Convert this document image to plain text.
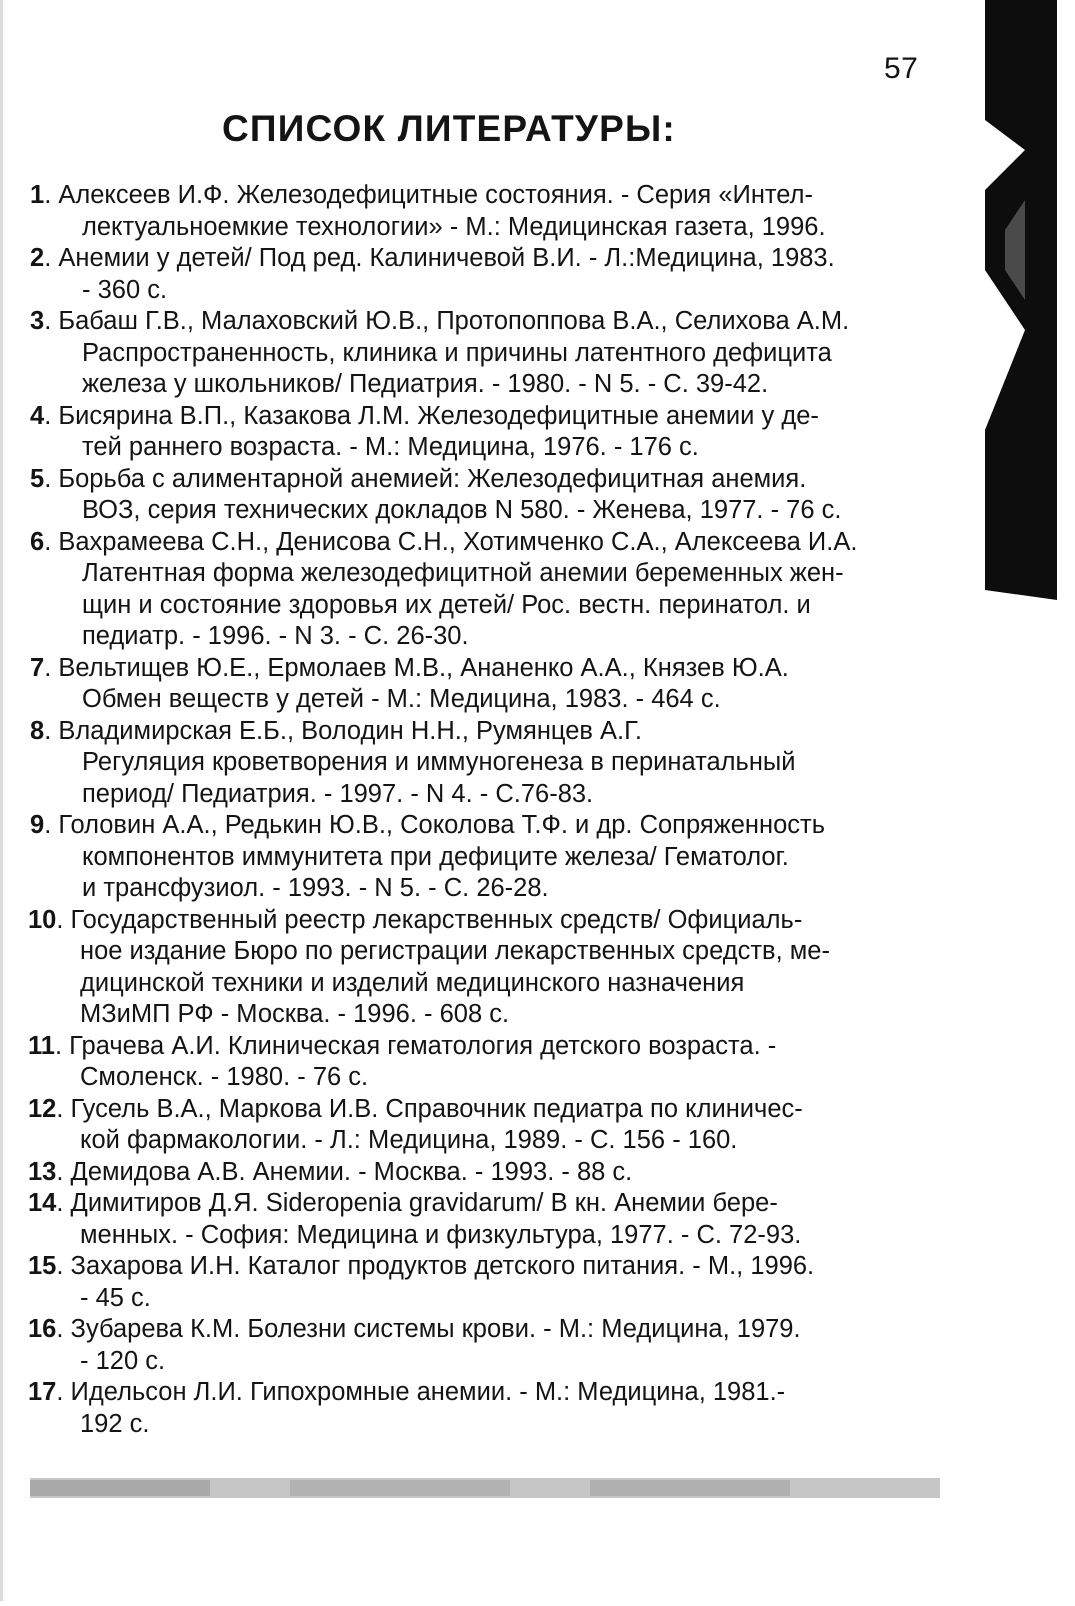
57
СПИСОК ЛИТЕРАТУРЫ:
1. Алексеев И.Ф. Железодефицитные состояния. - Серия «Интел-
лектуальноемкие технологии» - М.: Медицинская газета, 1996.
2. Анемии у детей/ Под ред. Калиничевой В.И. - Л.:Медицина, 1983.
- 360 с.
3. Бабаш Г.В., Малаховский Ю.В., Протопоппова В.А., Селихова А.М.
Распространенность, клиника и причины латентного дефицита
железа у школьников/ Педиатрия. - 1980. - N 5. - С. 39-42.
4. Бисярина В.П., Казакова Л.М. Железодефицитные анемии у де-
тей раннего возраста. - М.: Медицина, 1976. - 176 с.
5. Борьба с алиментарной анемией: Железодефицитная анемия.
ВОЗ, серия технических докладов N 580. - Женева, 1977. - 76 с.
6. Вахрамеева С.Н., Денисова С.Н., Хотимченко С.А., Алексеева И.А.
Латентная форма железодефицитной анемии беременных жен-
щин и состояние здоровья их детей/ Рос. вестн. перинатол. и
педиатр. - 1996. - N 3. - С. 26-30.
7. Вельтищев Ю.Е., Ермолаев М.В., Ананенко А.А., Князев Ю.А.
Обмен веществ у детей - М.: Медицина, 1983. - 464 с.
8. Владимирская Е.Б., Володин Н.Н., Румянцев А.Г.
Регуляция кроветворения и иммуногенеза в перинатальный
период/ Педиатрия. - 1997. - N 4. - С.76-83.
9. Головин А.А., Редькин Ю.В., Соколова Т.Ф. и др. Сопряженность
компонентов иммунитета при дефиците железа/ Гематолог.
и трансфузиол. - 1993. - N 5. - С. 26-28.
10. Государственный реестр лекарственных средств/ Официаль-
ное издание Бюро по регистрации лекарственных средств, ме-
дицинской техники и изделий медицинского назначения
МЗиМП РФ - Москва. - 1996. - 608 с.
11. Грачева А.И. Клиническая гематология детского возраста. -
Смоленск. - 1980. - 76 с.
12. Гусель В.А., Маркова И.В. Справочник педиатра по клиничес-
кой фармакологии. - Л.: Медицина, 1989. - С. 156 - 160.
13. Демидова А.В. Анемии. - Москва. - 1993. - 88 с.
14. Димитиров Д.Я. Sideropenia gravidarum/ В кн. Анемии бере-
менных. - София: Медицина и физкультура, 1977. - С. 72-93.
15. Захарова И.Н. Каталог продуктов детского питания. - М., 1996.
- 45 с.
16. Зубарева К.М. Болезни системы крови. - М.: Медицина, 1979.
- 120 с.
17. Идельсон Л.И. Гипохромные анемии. - М.: Медицина, 1981.-
192 с.
